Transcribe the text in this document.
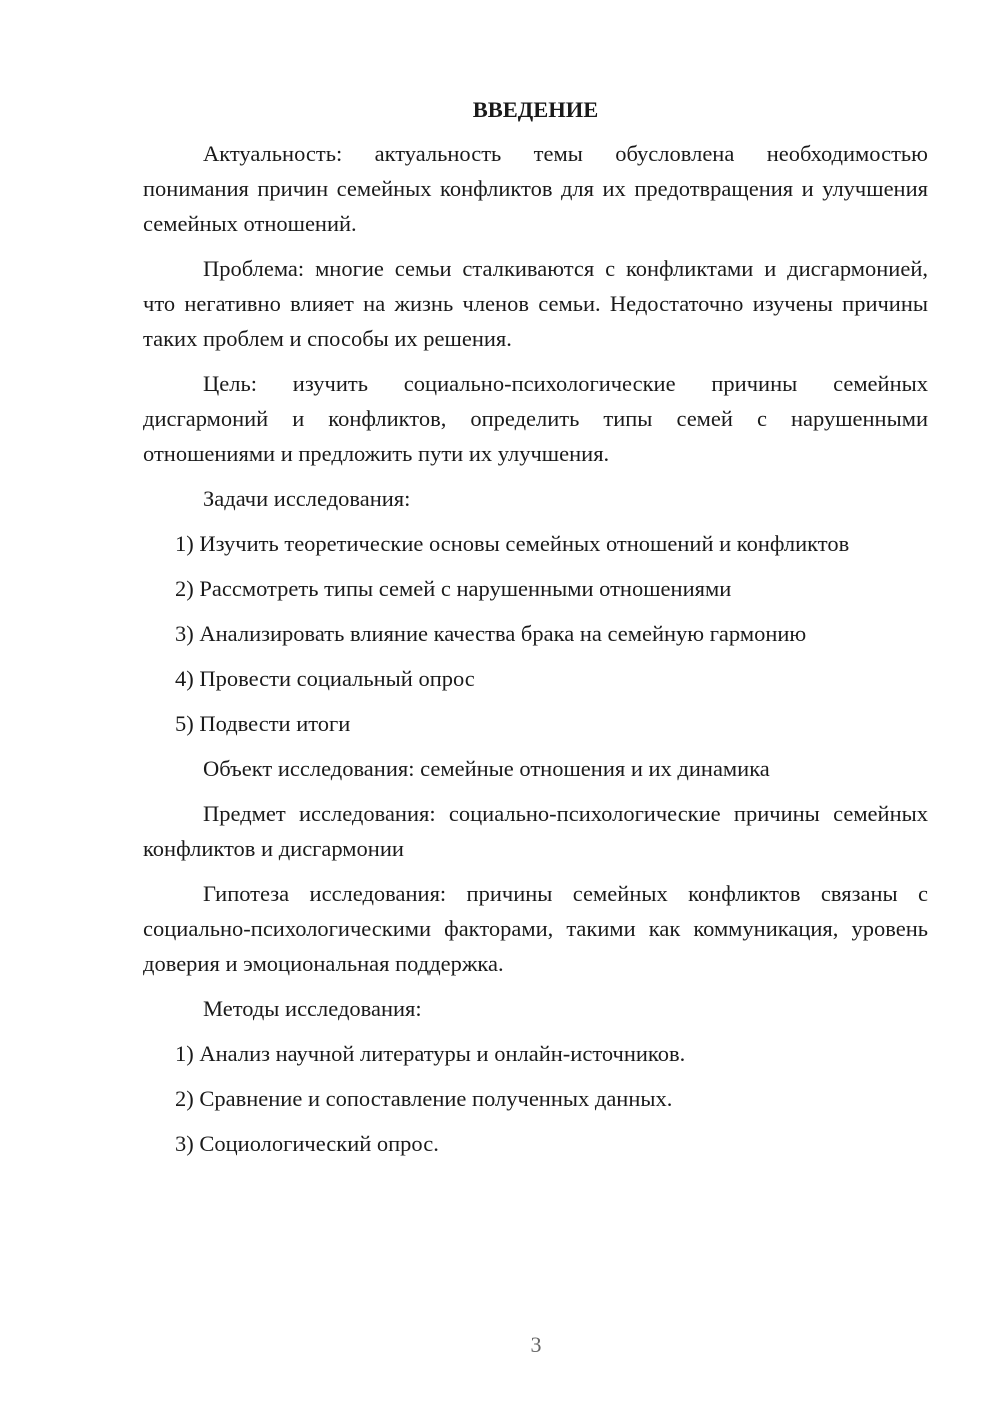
ВВЕДЕНИЕ

Актуальность: актуальность темы обусловлена необходимостью понимания причин семейных конфликтов для их предотвращения и улучшения семейных отношений.

Проблема: многие семьи сталкиваются с конфликтами и дисгармонией, что негативно влияет на жизнь членов семьи. Недостаточно изучены причины таких проблем и способы их решения.

Цель: изучить социально-психологические причины семейных дисгармоний и конфликтов, определить типы семей с нарушенными отношениями и предложить пути их улучшения.

Задачи исследования:

1) Изучить теоретические основы семейных отношений и конфликтов

2) Рассмотреть типы семей с нарушенными отношениями

3) Анализировать влияние качества брака на семейную гармонию

4) Провести социальный опрос

5) Подвести итоги

Объект исследования: семейные отношения и их динамика

Предмет исследования: социально-психологические причины семейных конфликтов и дисгармонии

Гипотеза исследования: причины семейных конфликтов связаны с социально-психологическими факторами, такими как коммуникация, уровень доверия и эмоциональная поддержка.

Методы исследования:

1) Анализ научной литературы и онлайн-источников.

2) Сравнение и сопоставление полученных данных.

3) Социологический опрос.

3
